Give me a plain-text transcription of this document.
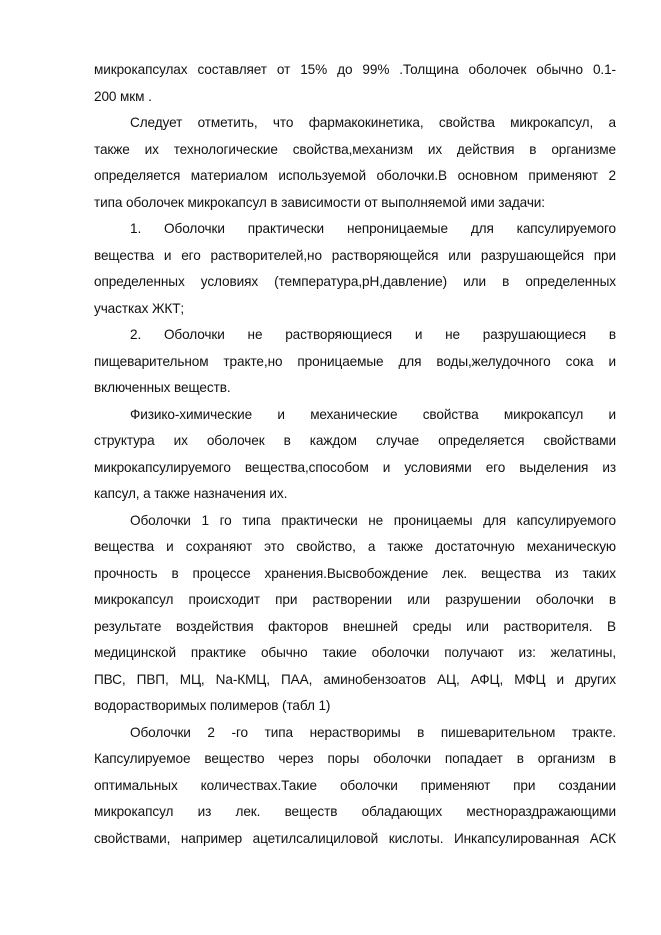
микрокапсулах составляет от 15% до 99% .Толщина оболочек обычно 0.1-
200 мкм .
Следует отметить, что фармакокинетика, свойства микрокапсул, а
также их технологические свойства,механизм их действия в организме
определяется материалом используемой оболочки.В основном применяют 2
типа оболочек микрокапсул в зависимости от выполняемой ими задачи:
1. Оболочки практически непроницаемые для капсулируемого
вещества и его растворителей,но растворяющейся или разрушающейся при
определенных условиях (температура,рН,давление) или в определенных
участках ЖКТ;
2. Оболочки не растворяющиеся и не разрушающиеся в
пищеварительном тракте,но проницаемые для воды,желудочного сока и
включенных веществ.
Физико-химические и механические свойства микрокапсул и
структура их оболочек в каждом случае определяется свойствами
микрокапсулируемого вещества,способом и условиями его выделения из
капсул, а также назначения их.
Оболочки 1 го типа практически не проницаемы для капсулируемого
вещества и сохраняют это свойство, а также достаточную механическую
прочность в процессе хранения.Высвобождение лек. вещества из таких
микрокапсул происходит при растворении или разрушении оболочки в
результате воздействия факторов внешней среды или растворителя. В
медицинской практике обычно такие оболочки получают из: желатины,
ПВС, ПВП, МЦ, Na-КМЦ, ПАА, аминобензоатов АЦ, АФЦ, МФЦ и других
водорастворимых полимеров (табл 1)
Оболочки 2 -го типа нерастворимы в пишеварительном тракте.
Капсулируемое вещество через поры оболочки попадает в организм в
оптимальных количествах.Такие оболочки применяют при создании
микрокапсул из лек. веществ обладающих местнораздражающими
свойствами, например ацетилсалициловой кислоты. Инкапсулированная АСК
